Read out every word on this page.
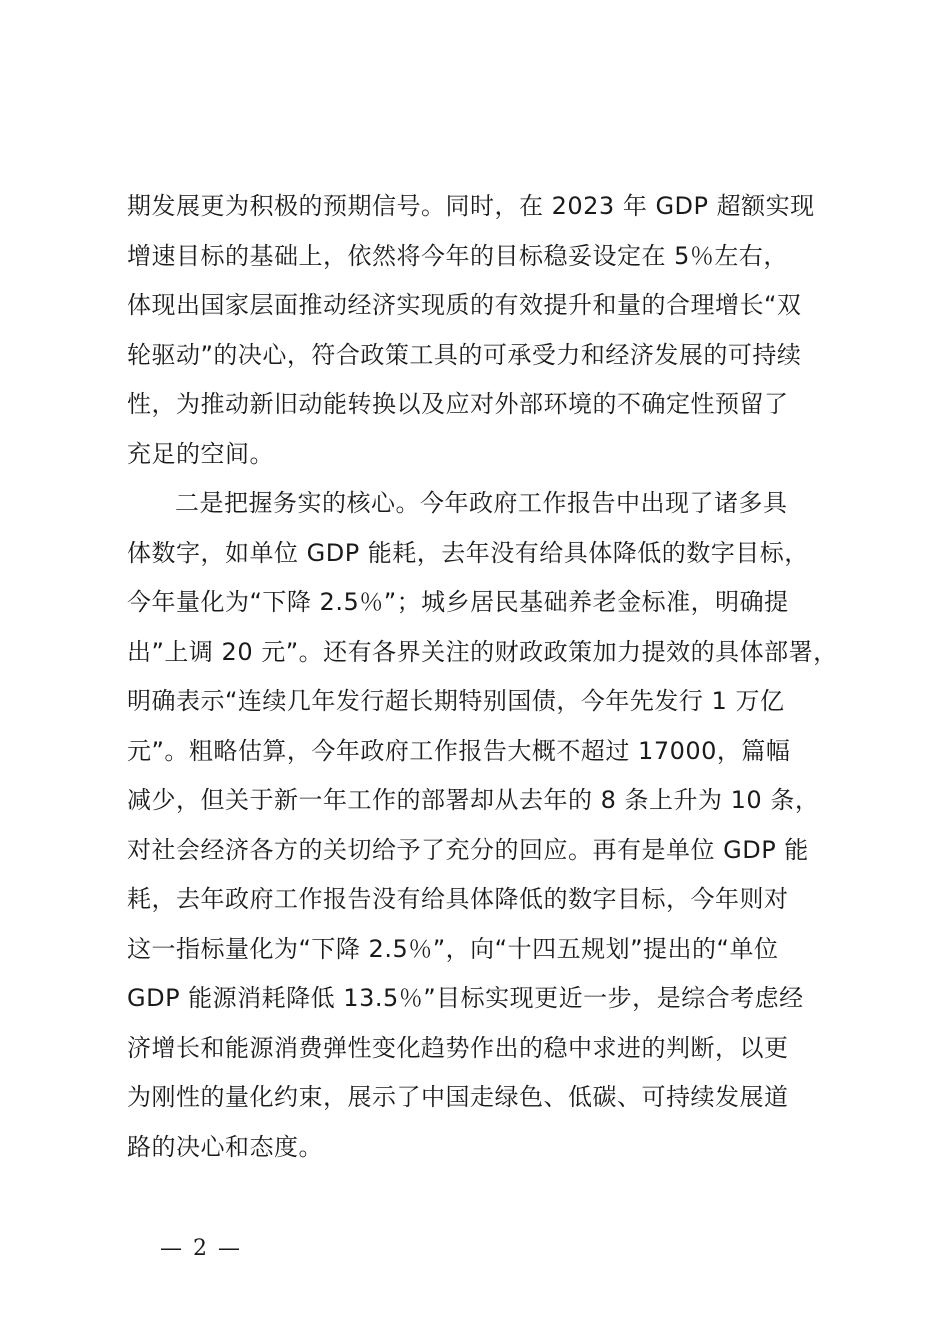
期发展更为积极的预期信号。同时，在 2023 年 GDP 超额实现
增速目标的基础上，依然将今年的目标稳妥设定在 5％左右，
体现出国家层面推动经济实现质的有效提升和量的合理增长“双
轮驱动”的决心，符合政策工具的可承受力和经济发展的可持续
性，为推动新旧动能转换以及应对外部环境的不确定性预留了
充足的空间。
二是把握务实的核心。今年政府工作报告中出现了诸多具
体数字，如单位 GDP 能耗，去年没有给具体降低的数字目标，
今年量化为“下降 2.5％”；城乡居民基础养老金标准，明确提
出”上调 20 元”。还有各界关注的财政政策加力提效的具体部署，
明确表示“连续几年发行超长期特别国债，今年先发行 1 万亿
元”。粗略估算，今年政府工作报告大概不超过 17000，篇幅
减少，但关于新一年工作的部署却从去年的 8 条上升为 10 条，
对社会经济各方的关切给予了充分的回应。再有是单位 GDP 能
耗，去年政府工作报告没有给具体降低的数字目标，今年则对
这一指标量化为“下降 2.5％”，向“十四五规划”提出的“单位
GDP 能源消耗降低 13.5％”目标实现更近一步，是综合考虑经
济增长和能源消费弹性变化趋势作出的稳中求进的判断，以更
为刚性的量化约束，展示了中国走绿色、低碳、可持续发展道
路的决心和态度。
— 2 —
